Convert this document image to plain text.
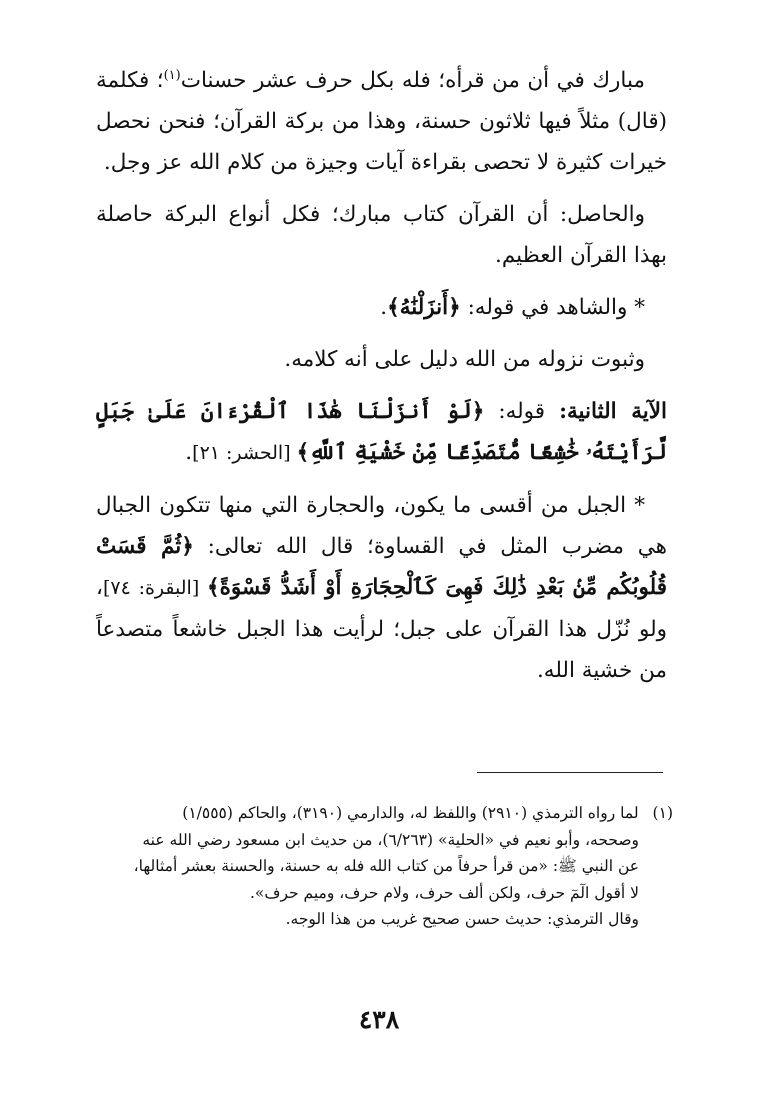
مبارك في أن من قرأه؛ فله بكل حرف عشر حسنات$^{(١)}$؛ فكلمة (قال) مثلاً فيها ثلاثون حسنة، وهذا من بركة القرآن؛ فنحن نحصل خيرات كثيرة لا تحصى بقراءة آيات وجيزة من كلام الله عز وجل.

والحاصل: أن القرآن كتاب مبارك؛ فكل أنواع البركة حاصلة بهذا القرآن العظيم.

* والشاهد في قوله: ﴿أَنزَلْنَٰهُ﴾.

وثبوت نزوله من الله دليل على أنه كلامه.

الآية الثانية: قوله: ﴿لَوْ أَنزَلْنَا هَٰذَا ٱلْقُرْءَانَ عَلَىٰ جَبَلٍ لَّرَأَيْتَهُۥ خَٰشِعًا مُّتَصَدِّعًا مِّنْ خَشْيَةِ ٱللَّهِ﴾ [الحشر: ٢١].

* الجبل من أقسى ما يكون، والحجارة التي منها تتكون الجبال هي مضرب المثل في القساوة؛ قال الله تعالى: ﴿ثُمَّ قَسَتْ قُلُوبُكُم مِّنۢ بَعْدِ ذَٰلِكَ فَهِىَ كَٱلْحِجَارَةِ أَوْ أَشَدُّ قَسْوَةً﴾ [البقرة: ٧٤]، ولو نُزّل هذا القرآن على جبل؛ لرأيت هذا الجبل خاشعاً متصدعاً من خشية الله.

(١)لما رواه الترمذي (٢٩١٠) واللفظ له، والدارمي (٣١٩٠)، والحاكم (١/٥٥٥)

وصححه، وأبو نعيم في «الحلية» (٦/٢٦٣)، من حديث ابن مسعود رضي الله عنه

عن النبي ﷺ: «من قرأ حرفاً من كتاب الله فله به حسنة، والحسنة بعشر أمثالها،

لا أقول الٓمٓ حرف، ولكن ألف حرف، ولام حرف، وميم حرف».

وقال الترمذي: حديث حسن صحيح غريب من هذا الوجه.

٤٣٨
